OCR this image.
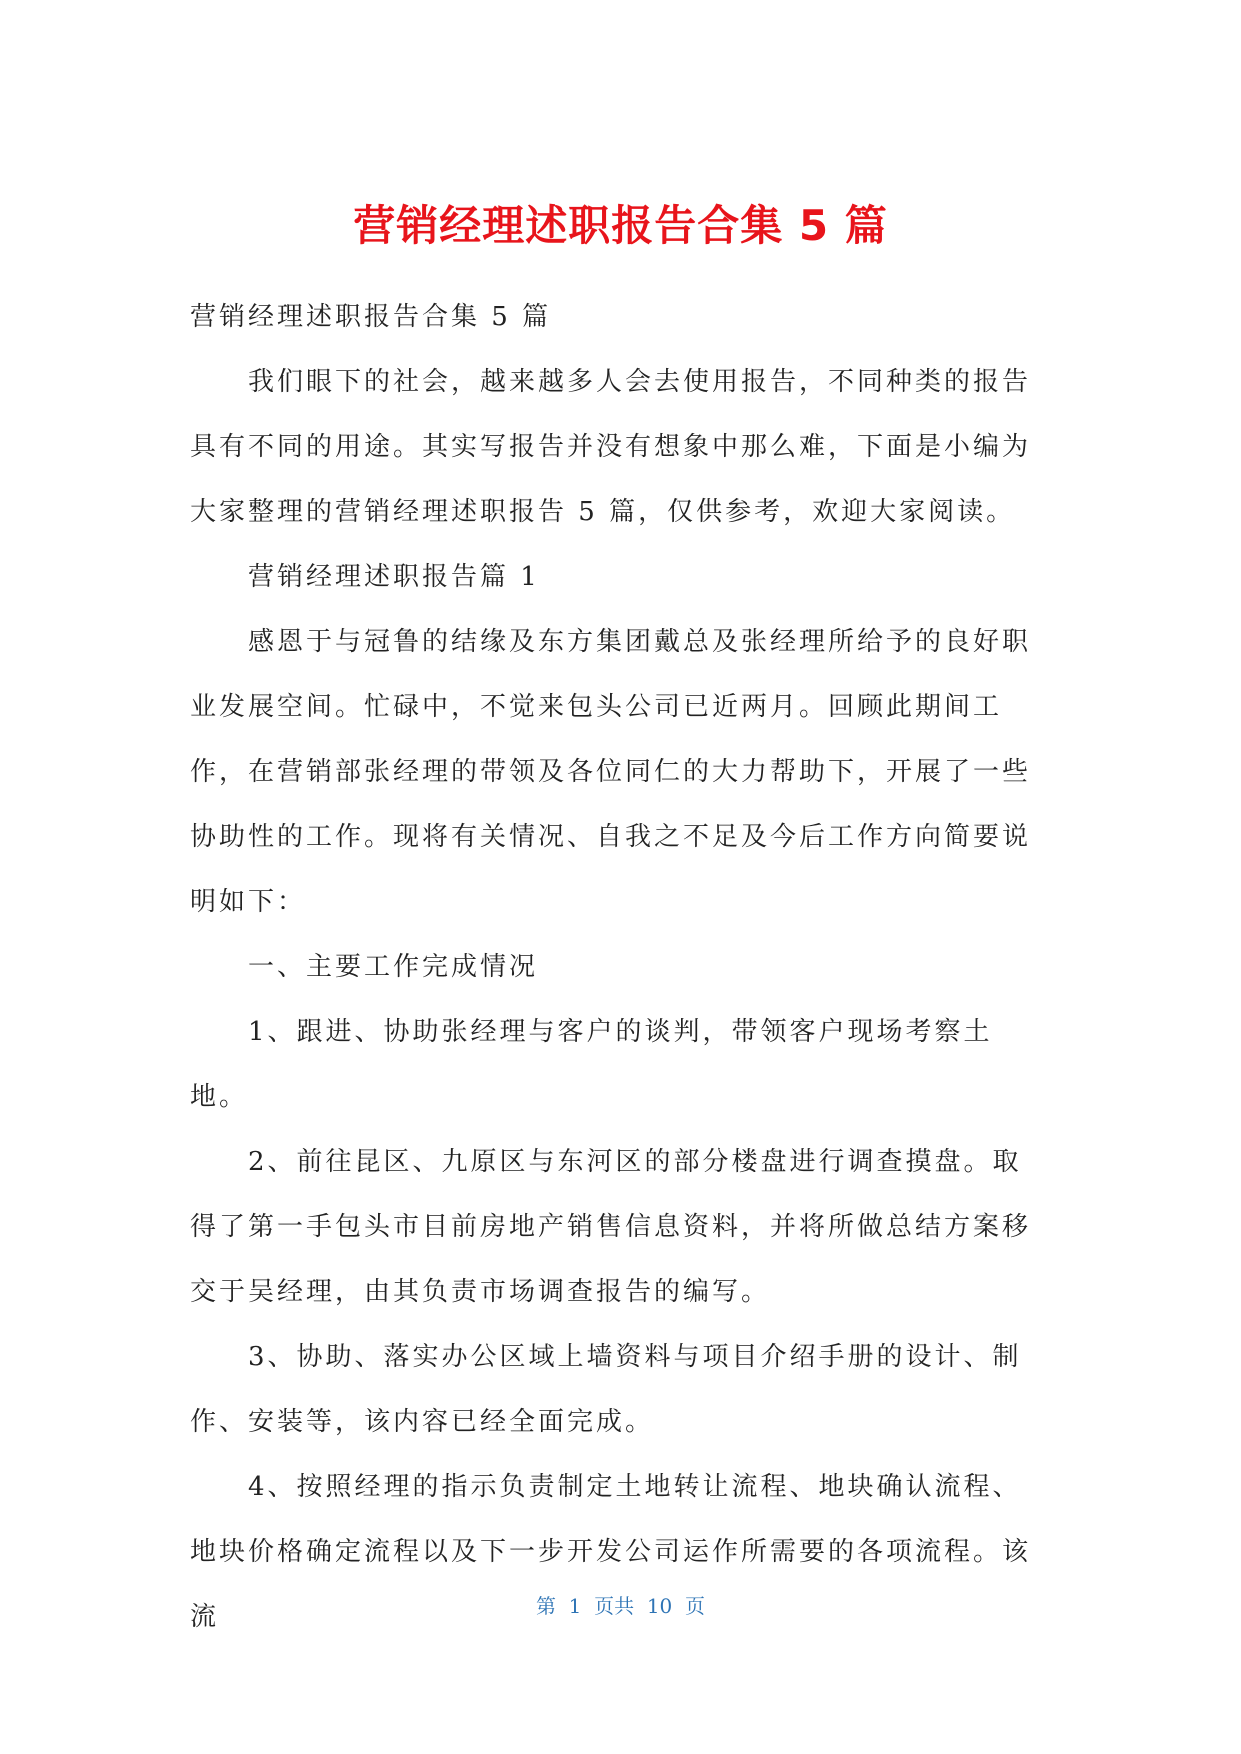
营销经理述职报告合集 5 篇

营销经理述职报告合集 5 篇

我们眼下的社会，越来越多人会去使用报告，不同种类的报告具有不同的用途。其实写报告并没有想象中那么难，下面是小编为大家整理的营销经理述职报告 5 篇，仅供参考，欢迎大家阅读。

营销经理述职报告篇 1

感恩于与冠鲁的结缘及东方集团戴总及张经理所给予的良好职业发展空间。忙碌中，不觉来包头公司已近两月。回顾此期间工作，在营销部张经理的带领及各位同仁的大力帮助下，开展了一些协助性的工作。现将有关情况、自我之不足及今后工作方向简要说明如下：

一、主要工作完成情况

1、跟进、协助张经理与客户的谈判，带领客户现场考察土地。

2、前往昆区、九原区与东河区的部分楼盘进行调查摸盘。取得了第一手包头市目前房地产销售信息资料，并将所做总结方案移交于吴经理，由其负责市场调查报告的编写。

3、协助、落实办公区域上墙资料与项目介绍手册的设计、制作、安装等，该内容已经全面完成。

4、按照经理的指示负责制定土地转让流程、地块确认流程、地块价格确定流程以及下一步开发公司运作所需要的各项流程。该流	第  1  页共  10  页
